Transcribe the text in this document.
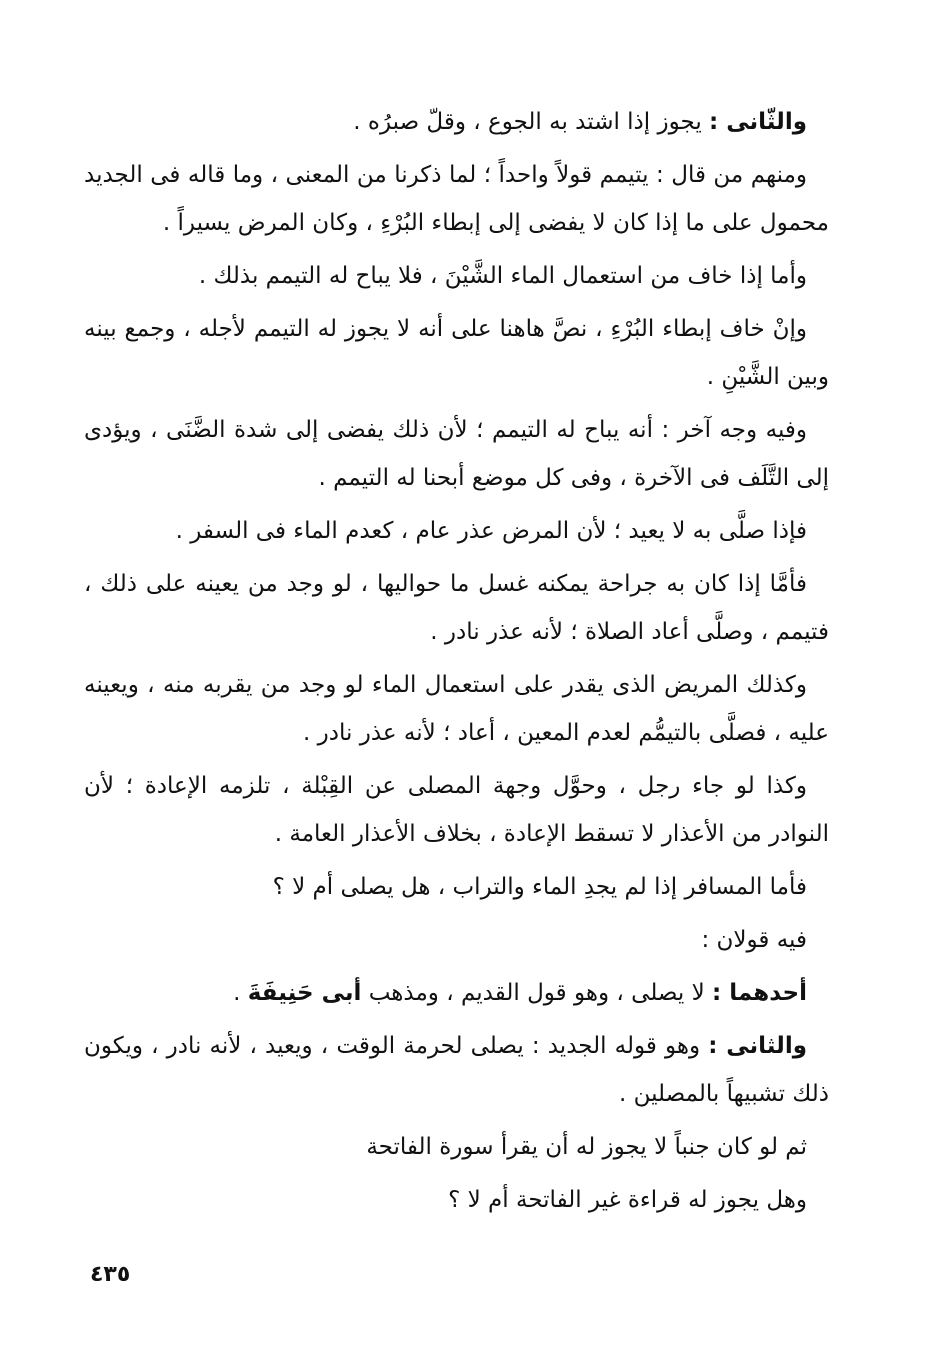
والثّانى : يجوز إذا اشتد به الجوع ، وقلّ صبرُه .

ومنهم من قال : يتيمم قولاً واحداً ؛ لما ذكرنا من المعنى ، وما قاله فى الجديد محمول على ما إذا كان لا يفضى إلى إبطاء البُرْءِ ، وكان المرض يسيراً .

وأما إذا خاف من استعمال الماء الشَّيْنَ ، فلا يباح له التيمم بذلك .

وإنْ خاف إبطاء البُرْءِ ، نصَّ هاهنا على أنه لا يجوز له التيمم لأجله ، وجمع بينه وبين الشَّيْنِ .

وفيه وجه آخر : أنه يباح له التيمم ؛ لأن ذلك يفضى إلى شدة الضَّنَى ، ويؤدى إلى التَّلَف فى الآخرة ، وفى كل موضع أبحنا له التيمم .

فإذا صلَّى به لا يعيد ؛ لأن المرض عذر عام ، كعدم الماء فى السفر .

فأمَّا إذا كان به جراحة يمكنه غسل ما حواليها ، لو وجد من يعينه على ذلك ، فتيمم ، وصلَّى أعاد الصلاة ؛ لأنه عذر نادر .

وكذلك المريض الذى يقدر على استعمال الماء لو وجد من يقربه منه ، ويعينه عليه ، فصلَّى بالتيمُّم لعدم المعين ، أعاد ؛ لأنه عذر نادر .

وكذا لو جاء رجل ، وحوَّل وجهة المصلى عن القِبْلة ، تلزمه الإعادة ؛ لأن النوادر من الأعذار لا تسقط الإعادة ، بخلاف الأعذار العامة .

فأما المسافر إذا لم يجدِ الماء والتراب ، هل يصلى أم لا ؟

فيه قولان :

أحدهما : لا يصلى ، وهو قول القديم ، ومذهب أبى حَنِيفَةَ .

والثانى : وهو قوله الجديد : يصلى لحرمة الوقت ، ويعيد ، لأنه نادر ، ويكون ذلك تشبيهاً بالمصلين .

ثم لو كان جنباً لا يجوز له أن يقرأ سورة الفاتحة

وهل يجوز له قراءة غير الفاتحة أم لا ؟

٤٣٥
